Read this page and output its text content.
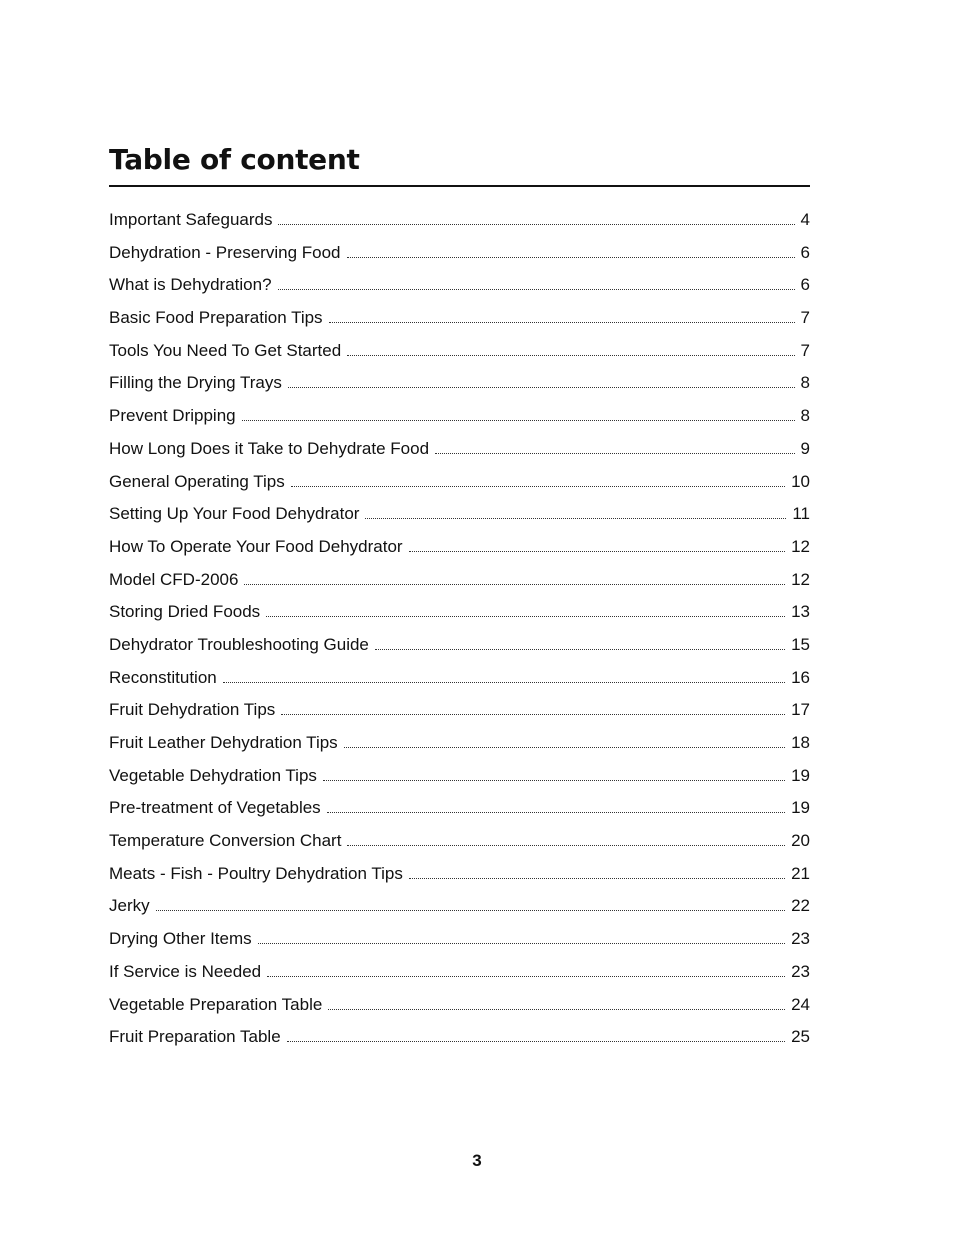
Table of content
Important Safeguards	4
Dehydration - Preserving Food	6
What is Dehydration?	6
Basic Food Preparation Tips	7
Tools You Need To Get Started	7
Filling the Drying Trays	8
Prevent Dripping	8
How Long Does it Take to Dehydrate Food	9
General Operating Tips	10
Setting Up Your Food Dehydrator	11
How To Operate Your Food Dehydrator	12
Model CFD-2006	12
Storing Dried Foods	13
Dehydrator Troubleshooting Guide	15
Reconstitution	16
Fruit Dehydration Tips	17
Fruit Leather Dehydration Tips	18
Vegetable Dehydration Tips	19
Pre-treatment of Vegetables	19
Temperature Conversion Chart	20
Meats - Fish - Poultry Dehydration Tips	21
Jerky	22
Drying Other Items	23
If Service is Needed	23
Vegetable Preparation Table	24
Fruit Preparation Table	25
3
